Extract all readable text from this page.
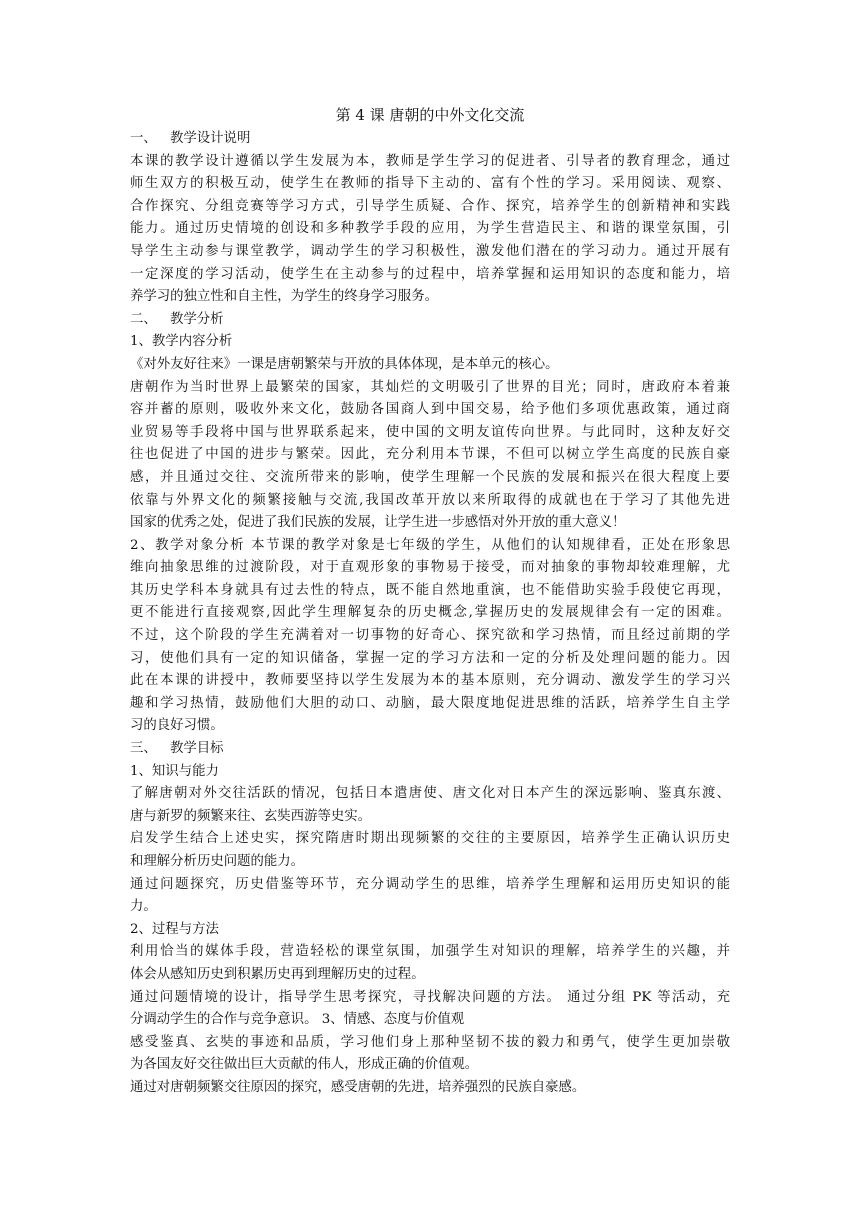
第 4 课 唐朝的中外文化交流
一、 教学设计说明
本课的教学设计遵循以学生发展为本，教师是学生学习的促进者、引导者的教育理念，通过
师生双方的积极互动，使学生在教师的指导下主动的、富有个性的学习。采用阅读、观察、
合作探究、分组竞赛等学习方式，引导学生质疑、合作、探究，培养学生的创新精神和实践
能力。通过历史情境的创设和多种教学手段的应用，为学生营造民主、和谐的课堂氛围，引
导学生主动参与课堂教学，调动学生的学习积极性，激发他们潜在的学习动力。通过开展有
一定深度的学习活动，使学生在主动参与的过程中，培养掌握和运用知识的态度和能力，培
养学习的独立性和自主性，为学生的终身学习服务。
二、 教学分析
1、教学内容分析
《对外友好往来》一课是唐朝繁荣与开放的具体体现，是本单元的核心。
唐朝作为当时世界上最繁荣的国家，其灿烂的文明吸引了世界的目光；同时，唐政府本着兼
容并蓄的原则，吸收外来文化，鼓励各国商人到中国交易，给予他们多项优惠政策，通过商
业贸易等手段将中国与世界联系起来，使中国的文明友谊传向世界。与此同时，这种友好交
往也促进了中国的进步与繁荣。因此，充分利用本节课，不但可以树立学生高度的民族自豪
感，并且通过交往、交流所带来的影响，使学生理解一个民族的发展和振兴在很大程度上要
依靠与外界文化的频繁接触与交流,我国改革开放以来所取得的成就也在于学习了其他先进
国家的优秀之处，促进了我们民族的发展，让学生进一步感悟对外开放的重大意义！
2、教学对象分析 本节课的教学对象是七年级的学生，从他们的认知规律看，正处在形象思
维向抽象思维的过渡阶段，对于直观形象的事物易于接受，而对抽象的事物却较难理解，尤
其历史学科本身就具有过去性的特点，既不能自然地重演，也不能借助实验手段使它再现，
更不能进行直接观察,因此学生理解复杂的历史概念,掌握历史的发展规律会有一定的困难。
不过，这个阶段的学生充满着对一切事物的好奇心、探究欲和学习热情，而且经过前期的学
习，使他们具有一定的知识储备，掌握一定的学习方法和一定的分析及处理问题的能力。因
此在本课的讲授中，教师要坚持以学生发展为本的基本原则，充分调动、激发学生的学习兴
趣和学习热情，鼓励他们大胆的动口、动脑，最大限度地促进思维的活跃，培养学生自主学
习的良好习惯。
三、 教学目标
1、知识与能力
了解唐朝对外交往活跃的情况，包括日本遣唐使、唐文化对日本产生的深远影响、鉴真东渡、
唐与新罗的频繁来往、玄奘西游等史实。
启发学生结合上述史实，探究隋唐时期出现频繁的交往的主要原因，培养学生正确认识历史
和理解分析历史问题的能力。
通过问题探究，历史借鉴等环节，充分调动学生的思维，培养学生理解和运用历史知识的能
力。
2、过程与方法
利用恰当的媒体手段，营造轻松的课堂氛围，加强学生对知识的理解，培养学生的兴趣，并
体会从感知历史到积累历史再到理解历史的过程。
通过问题情境的设计，指导学生思考探究，寻找解决问题的方法。 通过分组 PK 等活动，充
分调动学生的合作与竞争意识。 3、情感、态度与价值观
感受鉴真、玄奘的事迹和品质，学习他们身上那种坚韧不拔的毅力和勇气，使学生更加崇敬
为各国友好交往做出巨大贡献的伟人，形成正确的价值观。
通过对唐朝频繁交往原因的探究，感受唐朝的先进，培养强烈的民族自豪感。
